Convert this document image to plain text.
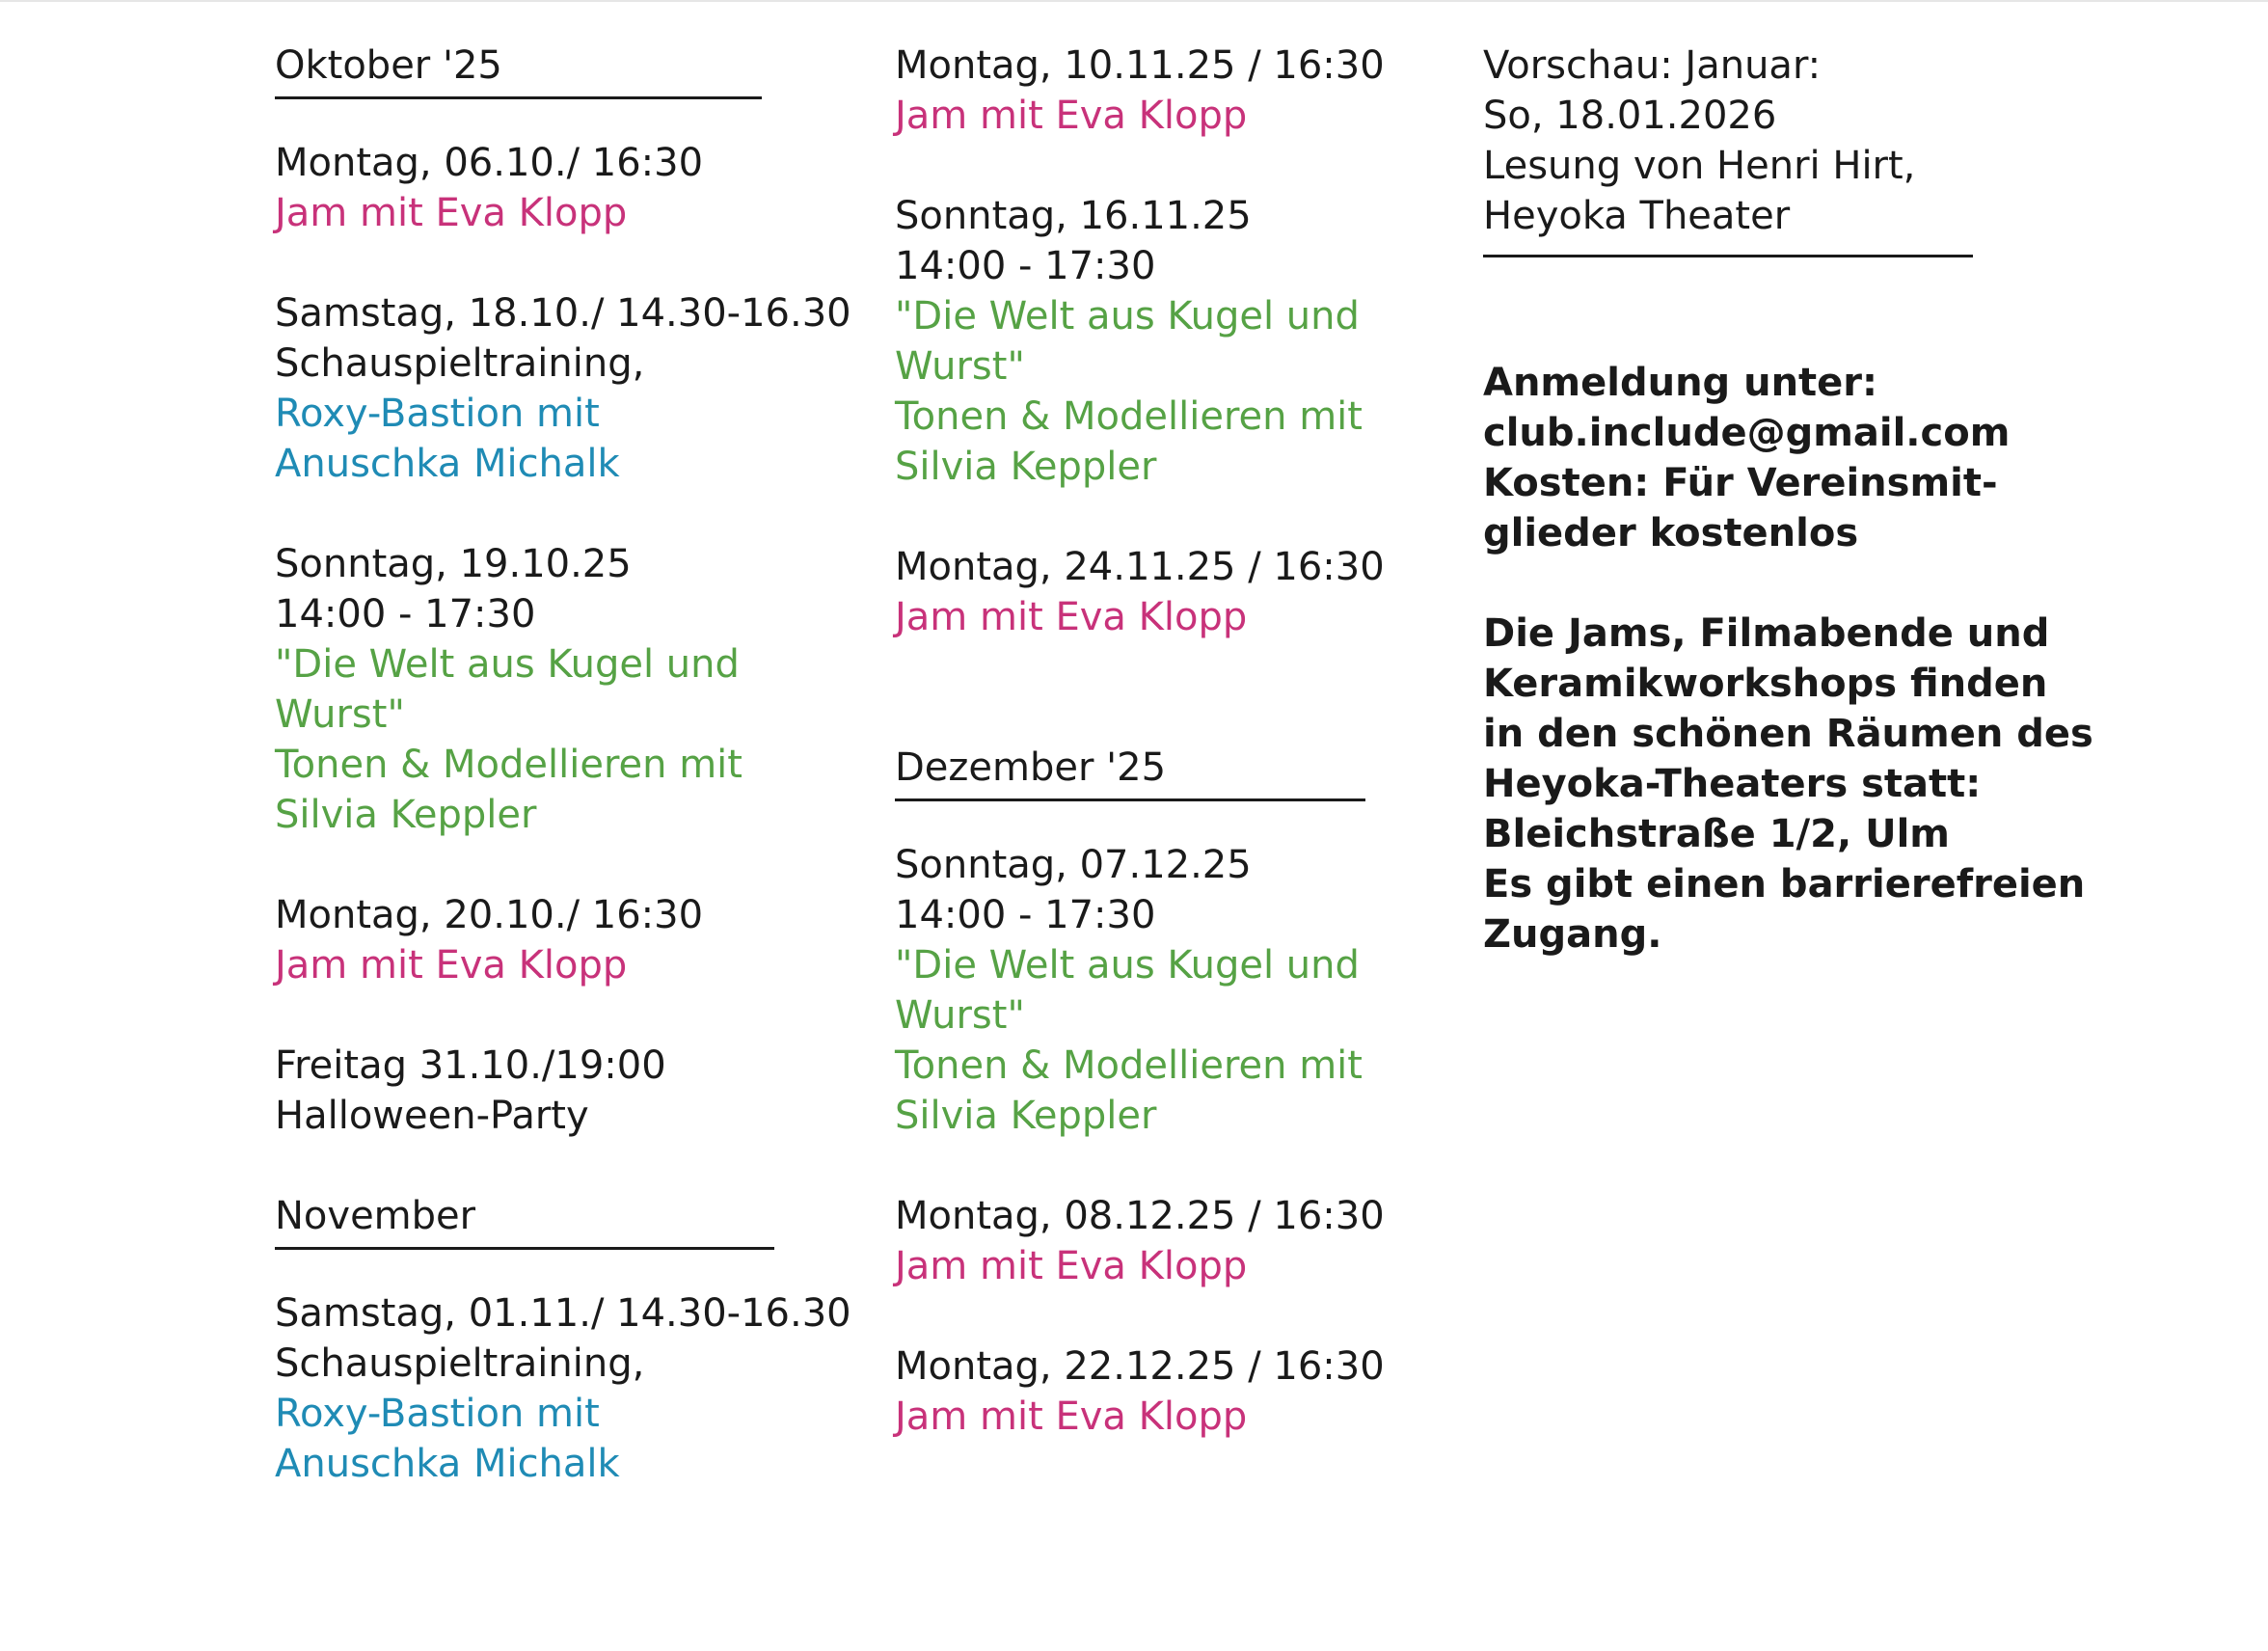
Oktober '25
Montag, 06.10./ 16:30
Jam mit Eva Klopp
Samstag, 18.10./ 14.30-16.30
Schauspieltraining,
Roxy-Bastion mit
Anuschka Michalk
Sonntag, 19.10.25
14:00 - 17:30
"Die Welt aus Kugel und
Wurst"
Tonen & Modellieren mit
Silvia Keppler
Montag, 20.10./ 16:30
Jam mit Eva Klopp
Freitag 31.10./19:00
Halloween-Party
November
Samstag, 01.11./ 14.30-16.30
Schauspieltraining,
Roxy-Bastion mit
Anuschka Michalk
Montag, 10.11.25 / 16:30
Jam mit Eva Klopp
Sonntag, 16.11.25
14:00 - 17:30
"Die Welt aus Kugel und
Wurst"
Tonen & Modellieren mit
Silvia Keppler
Montag, 24.11.25 / 16:30
Jam mit Eva Klopp
Dezember '25
Sonntag, 07.12.25
14:00 - 17:30
"Die Welt aus Kugel und
Wurst"
Tonen & Modellieren mit
Silvia Keppler
Montag, 08.12.25 / 16:30
Jam mit Eva Klopp
Montag, 22.12.25 / 16:30
Jam mit Eva Klopp
Vorschau: Januar:
So, 18.01.2026
Lesung von Henri Hirt,
Heyoka Theater
Anmeldung unter:
club.include@gmail.com
Kosten: Für Vereinsmit-
glieder kostenlos
Die Jams, Filmabende und
Keramikworkshops finden
in den schönen Räumen des
Heyoka-Theaters statt:
Bleichstraße 1/2, Ulm
Es gibt einen barrierefreien
Zugang.
